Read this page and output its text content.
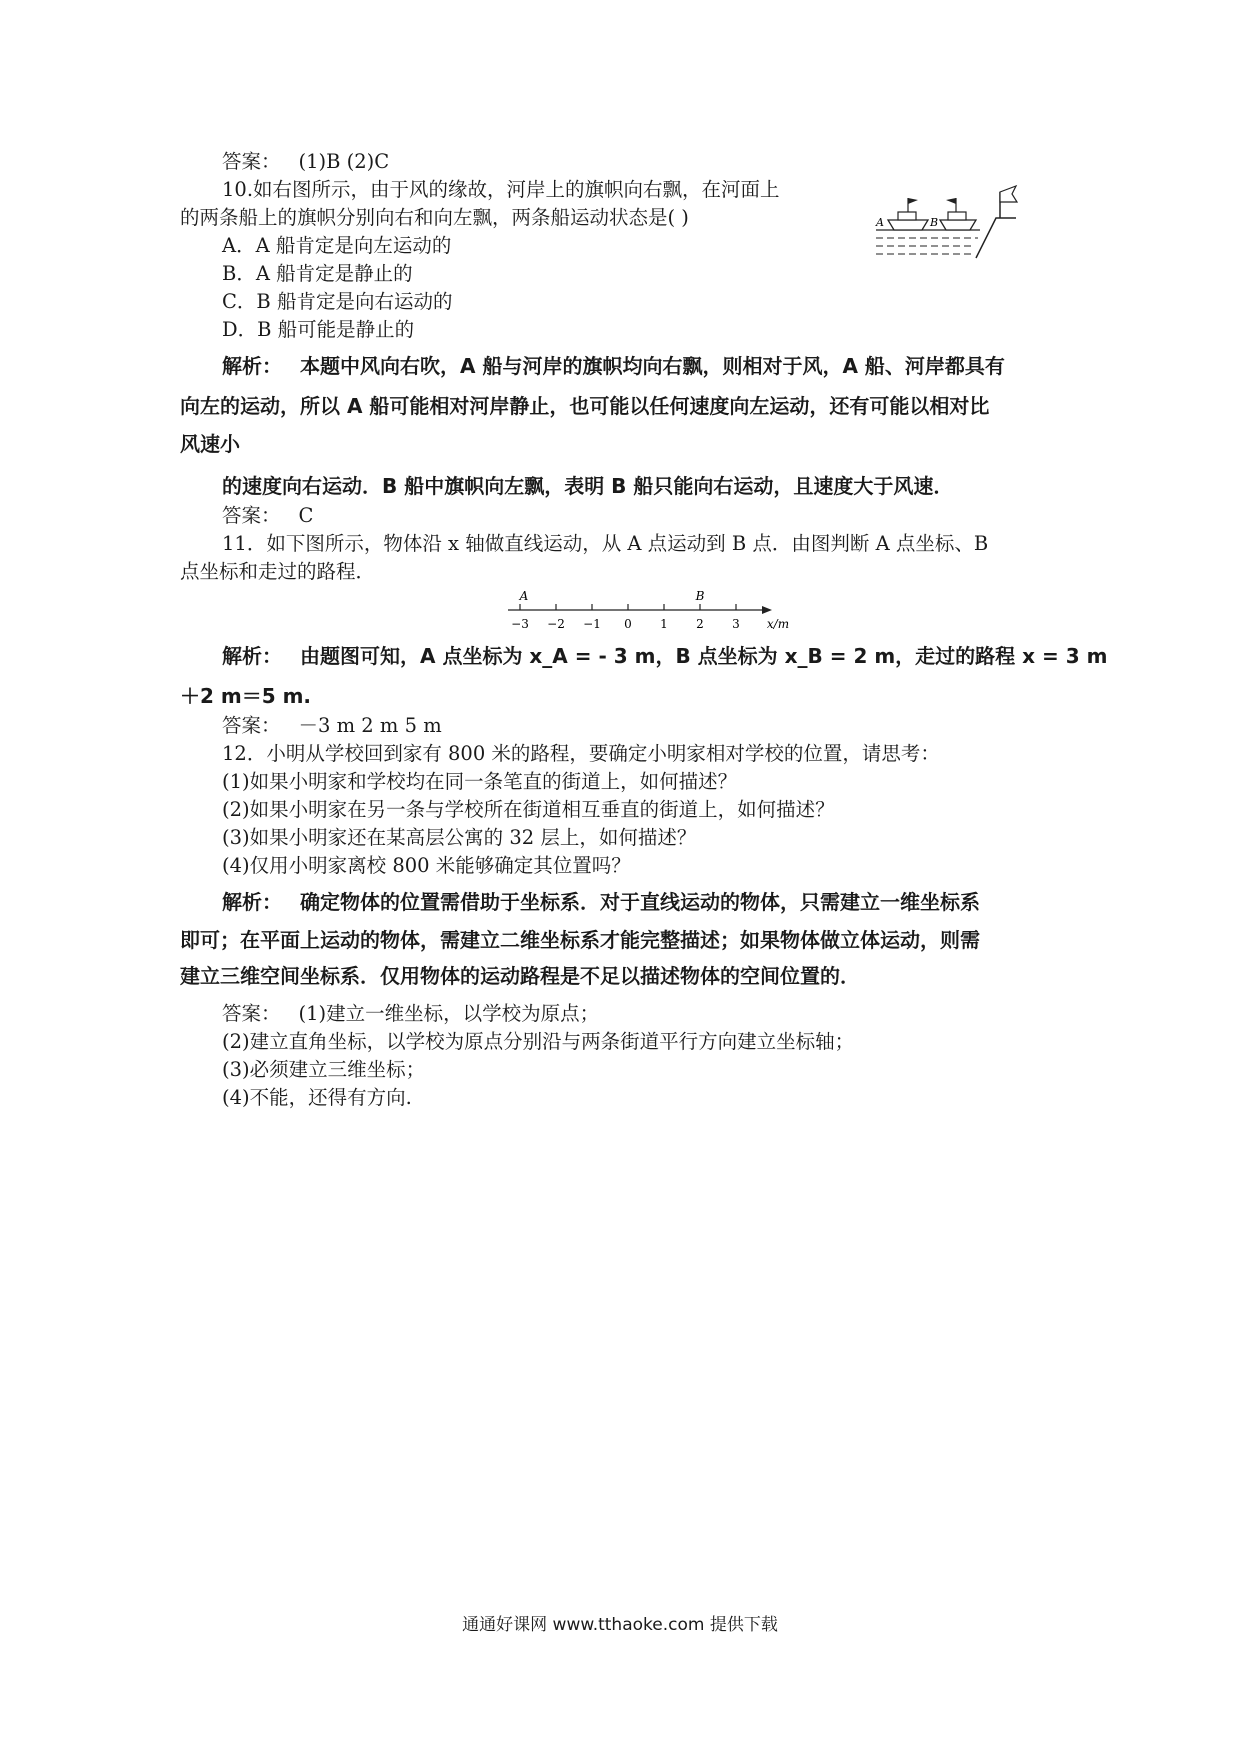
答案： (1)B (2)C
10.如右图所示，由于风的缘故，河岸上的旗帜向右飘，在河面上
的两条船上的旗帜分别向右和向左飘，两条船运动状态是( )
A．A 船肯定是向左运动的
B．A 船肯定是静止的
C．B 船肯定是向右运动的
D．B 船可能是静止的
A	B
解析： 本题中风向右吹，A 船与河岸的旗帜均向右飘，则相对于风，A 船、河岸都具有
向左的运动，所以 A 船可能相对河岸静止，也可能以任何速度向左运动，还有可能以相对比
风速小
的速度向右运动．B 船中旗帜向左飘，表明 B 船只能向右运动，且速度大于风速．
答案： C
11．如下图所示，物体沿 x 轴做直线运动，从 A 点运动到 B 点．由图判断 A 点坐标、B
点坐标和走过的路程．
−3 −2 −1 0 1 2 3
A	B
x/m
解析： 由题图可知，A 点坐标为 x_A = - 3 m，B 点坐标为 x_B = 2 m，走过的路程 x = 3 m
＋2 m＝5 m.
答案： －3 m 2 m 5 m
12．小明从学校回到家有 800 米的路程，要确定小明家相对学校的位置，请思考：
(1)如果小明家和学校均在同一条笔直的街道上，如何描述？
(2)如果小明家在另一条与学校所在街道相互垂直的街道上，如何描述？
(3)如果小明家还在某高层公寓的 32 层上，如何描述？
(4)仅用小明家离校 800 米能够确定其位置吗？
解析： 确定物体的位置需借助于坐标系．对于直线运动的物体，只需建立一维坐标系
即可；在平面上运动的物体，需建立二维坐标系才能完整描述；如果物体做立体运动，则需
建立三维空间坐标系．仅用物体的运动路程是不足以描述物体的空间位置的．
答案： (1)建立一维坐标，以学校为原点；
(2)建立直角坐标，以学校为原点分别沿与两条街道平行方向建立坐标轴；
(3)必须建立三维坐标；
(4)不能，还得有方向.
通通好课网 www.tthaoke.com 提供下载
